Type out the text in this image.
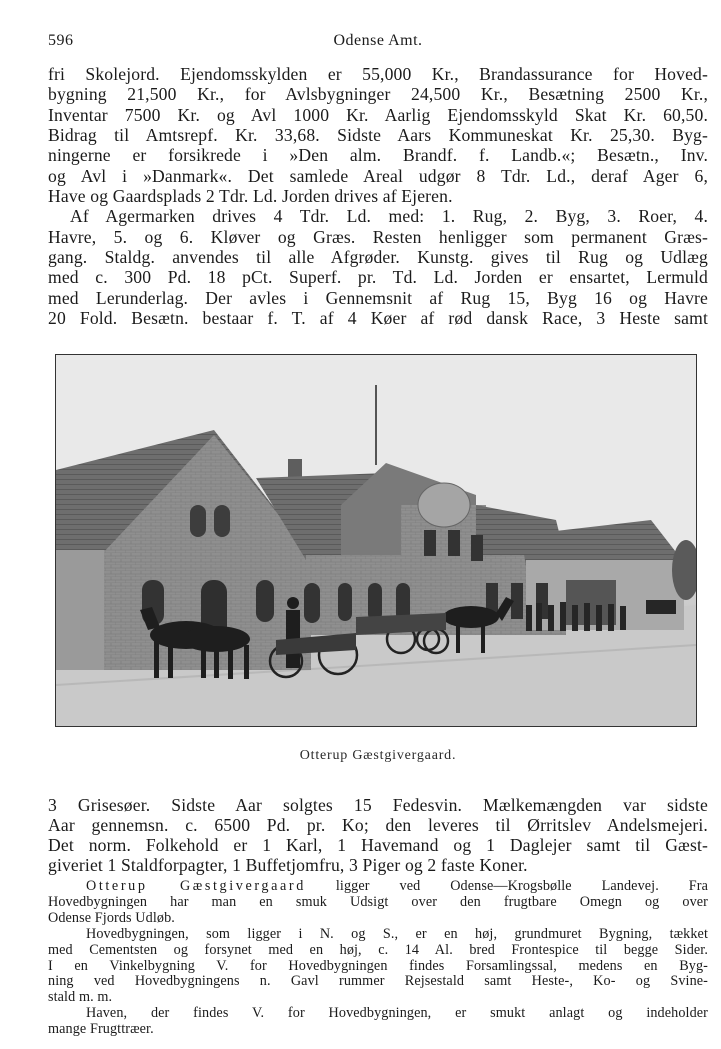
596	Odense Amt.

fri Skolejord. Ejendomsskylden er 55,000 Kr., Brandassurance for Hoved-
bygning 21,500 Kr., for Avlsbygninger 24,500 Kr., Besætning 2500 Kr.,
Inventar 7500 Kr. og Avl 1000 Kr. Aarlig Ejendomsskyld Skat Kr. 60,50.
Bidrag til Amtsrepf. Kr. 33,68. Sidste Aars Kommuneskat Kr. 25,30. Byg-
ningerne er forsikrede i »Den alm. Brandf. f. Landb.«; Besætn., Inv.
og Avl i »Danmark«. Det samlede Areal udgør 8 Tdr. Ld., deraf Ager 6,
Have og Gaardsplads 2 Tdr. Ld. Jorden drives af Ejeren.

Af Agermarken drives 4 Tdr. Ld. med: 1. Rug, 2. Byg, 3. Roer, 4.
Havre, 5. og 6. Kløver og Græs. Resten henligger som permanent Græs-
gang. Staldg. anvendes til alle Afgrøder. Kunstg. gives til Rug og Udlæg
med c. 300 Pd. 18 pCt. Superf. pr. Td. Ld. Jorden er ensartet, Lermuld
med Lerunderlag. Der avles i Gennemsnit af Rug 15, Byg 16 og Havre
20 Fold. Besætn. bestaar f. T. af 4 Køer af rød dansk Race, 3 Heste samt

Otterup Gæstgivergaard.

3 Grisesøer. Sidste Aar solgtes 15 Fedesvin. Mælkemængden var sidste
Aar gennemsn. c. 6500 Pd. pr. Ko; den leveres til Ørritslev Andelsmejeri.
Det norm. Folkehold er 1 Karl, 1 Havemand og 1 Daglejer samt til Gæst-
giveriet 1 Staldforpagter, 1 Buffetjomfru, 3 Piger og 2 faste Koner.

Otterup Gæstgivergaard ligger ved Odense—Krogsbølle Landevej. Fra
Hovedbygningen har man en smuk Udsigt over den frugtbare Omegn og over
Odense Fjords Udløb.

Hovedbygningen, som ligger i N. og S., er en høj, grundmuret Bygning, tækket
med Cementsten og forsynet med en høj, c. 14 Al. bred Frontespice til begge Sider.
I en Vinkelbygning V. for Hovedbygningen findes Forsamlingssal, medens en Byg-
ning ved Hovedbygningens n. Gavl rummer Rejsestald samt Heste-, Ko- og Svine-
stald m. m.

Haven, der findes V. for Hovedbygningen, er smukt anlagt og indeholder
mange Frugttræer.
